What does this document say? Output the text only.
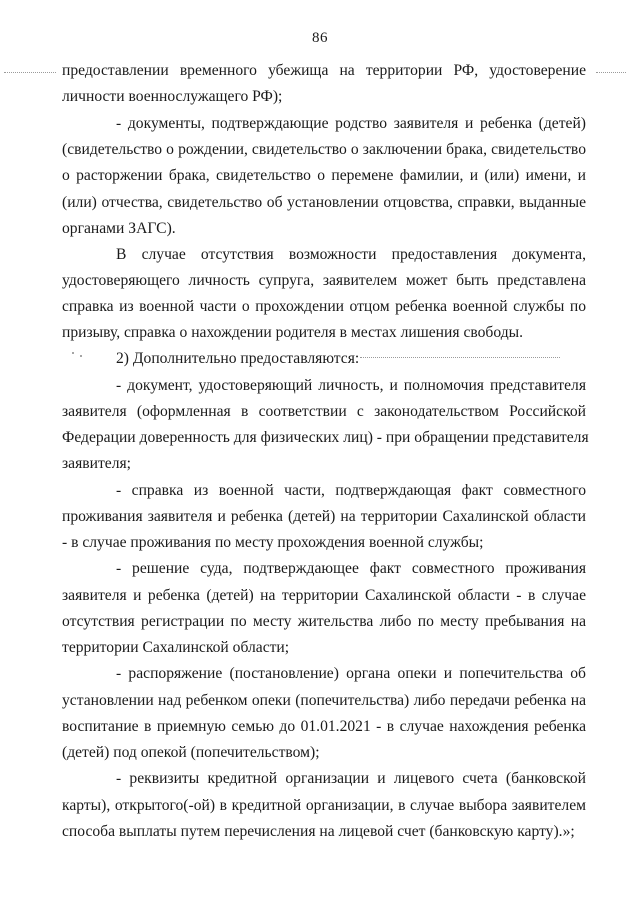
86
предоставлении временного убежища на территории РФ, удостоверение
личности военнослужащего РФ);
- документы, подтверждающие родство заявителя и ребенка (детей)
(свидетельство о рождении, свидетельство о заключении брака, свидетельство
о расторжении брака, свидетельство о перемене фамилии, и (или) имени, и
(или) отчества, свидетельство об установлении отцовства, справки, выданные
органами ЗАГС).
В случае отсутствия возможности предоставления документа,
удостоверяющего личность супруга, заявителем может быть представлена
справка из военной части о прохождении отцом ребенка военной службы по
призыву, справка о нахождении родителя в местах лишения свободы.
2) Дополнительно предоставляются:
- документ, удостоверяющий личность, и полномочия представителя
заявителя (оформленная в соответствии с законодательством Российской
Федерации доверенность для физических лиц) - при обращении представителя
заявителя;
- справка из военной части, подтверждающая факт совместного
проживания заявителя и ребенка (детей) на территории Сахалинской области
- в случае проживания по месту прохождения военной службы;
- решение суда, подтверждающее факт совместного проживания
заявителя и ребенка (детей) на территории Сахалинской области - в случае
отсутствия регистрации по месту жительства либо по месту пребывания на
территории Сахалинской области;
- распоряжение (постановление) органа опеки и попечительства об
установлении над ребенком опеки (попечительства) либо передачи ребенка на
воспитание в приемную семью до 01.01.2021 - в случае нахождения ребенка
(детей) под опекой (попечительством);
- реквизиты кредитной организации и лицевого счета (банковской
карты), открытого(-ой) в кредитной организации, в случае выбора заявителем
способа выплаты путем перечисления на лицевой счет (банковскую карту).»;
